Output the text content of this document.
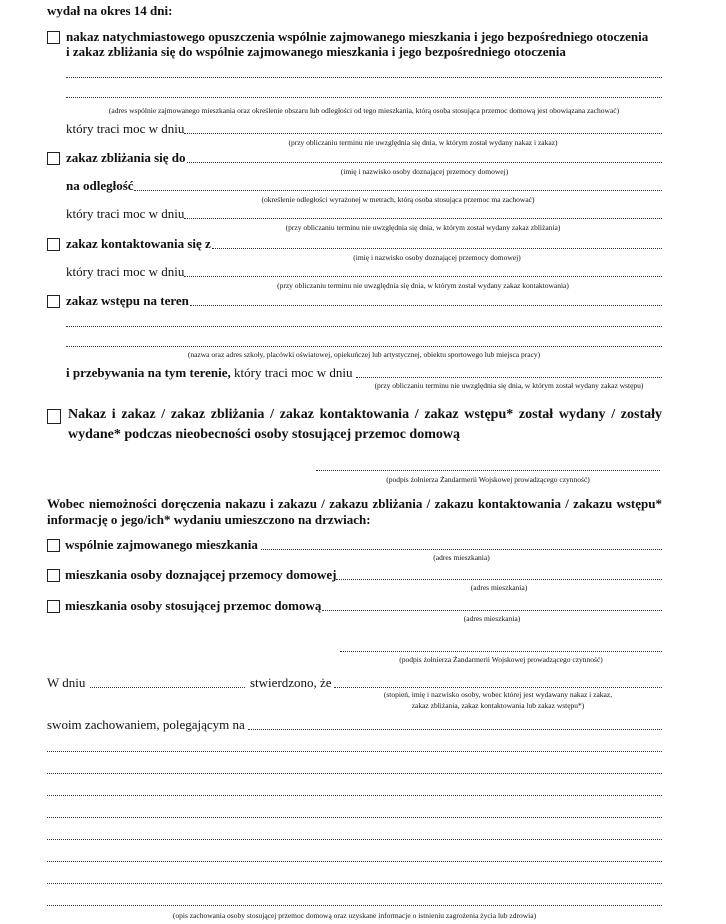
wydał na okres 14 dni:
nakaz natychmiastowego opuszczenia wspólnie zajmowanego mieszkania i jego bezpośredniego otoczenia
i zakaz zbliżania się do wspólnie zajmowanego mieszkania i jego bezpośredniego otoczenia
(adres wspólnie zajmowanego mieszkania oraz określenie obszaru lub odległości od tego mieszkania, którą osoba stosująca przemoc domową jest obowiązana zachować)
który traci moc w dniu
(przy obliczaniu terminu nie uwzględnia się dnia, w którym został wydany nakaz i zakaz)
zakaz zbliżania się do
(imię i nazwisko osoby doznającej przemocy domowej)
na odległość
(określenie odległości wyrażonej w metrach, którą osoba stosująca przemoc ma zachować)
który traci moc w dniu
(przy obliczaniu terminu nie uwzględnia się dnia, w którym został wydany zakaz zbliżania)
zakaz kontaktowania się z
(imię i nazwisko osoby doznającej przemocy domowej)
który traci moc w dniu
(przy obliczaniu terminu nie uwzględnia się dnia, w którym został wydany zakaz kontaktowania)
zakaz wstępu na teren
(nazwa oraz adres szkoły, placówki oświatowej, opiekuńczej lub artystycznej, obiektu sportowego lub miejsca pracy)
i przebywania na tym terenie, który traci moc w dniu
(przy obliczaniu terminu nie uwzględnia się dnia, w którym został wydany zakaz wstępu)
Nakaz i zakaz / zakaz zbliżania / zakaz kontaktowania / zakaz wstępu* został wydany / zostały
wydane* podczas nieobecności osoby stosującej przemoc domową
(podpis żołnierza Żandarmerii Wojskowej prowadzącego czynność)
Wobec niemożności doręczenia nakazu i zakazu / zakazu zbliżania / zakazu kontaktowania / zakazu wstępu*
informację o jego/ich* wydaniu umieszczono na drzwiach:
wspólnie zajmowanego mieszkania
(adres mieszkania)
mieszkania osoby doznającej przemocy domowej
(adres mieszkania)
mieszkania osoby stosującej przemoc domową
(adres mieszkania)
(podpis żołnierza Żandarmerii Wojskowej prowadzącego czynność)
W dniu	stwierdzono, że
(stopień, imię i nazwisko osoby, wobec której jest wydawany nakaz i zakaz,
zakaz zbliżania, zakaz kontaktowania lub zakaz wstępu*)
swoim zachowaniem, polegającym na
(opis zachowania osoby stosującej przemoc domową oraz uzyskane informacje o istnieniu zagrożenia życia lub zdrowia)
